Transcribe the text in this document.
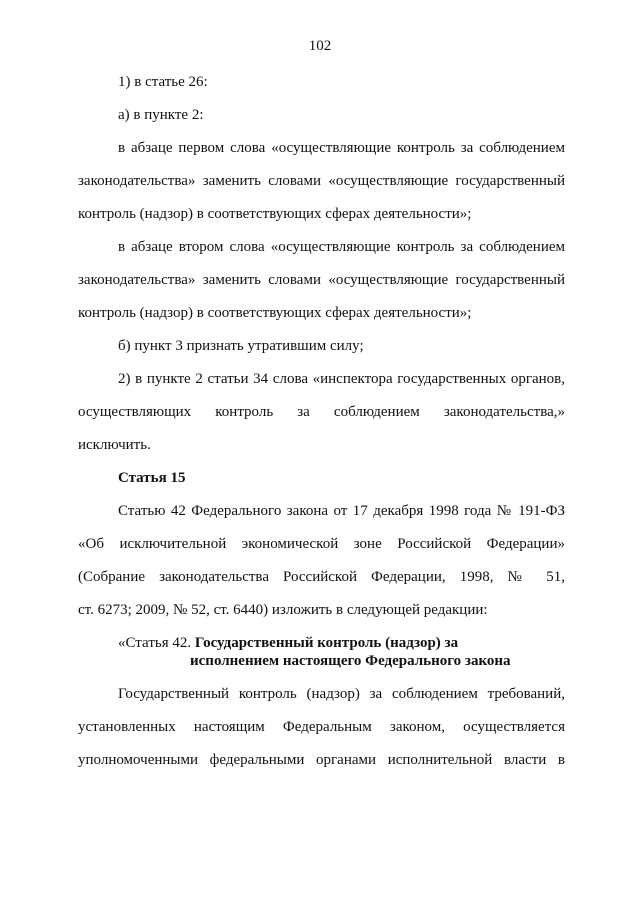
102
1) в статье 26:
а) в пункте 2:
в абзаце первом слова «осуществляющие контроль за соблюдением
законодательства» заменить словами «осуществляющие государственный
контроль (надзор) в соответствующих сферах деятельности»;
в абзаце втором слова «осуществляющие контроль за соблюдением
законодательства» заменить словами «осуществляющие государственный
контроль (надзор) в соответствующих сферах деятельности»;
б) пункт 3 признать утратившим силу;
2) в пункте 2 статьи 34 слова «инспектора государственных органов,
осуществляющих контроль за соблюдением законодательства,»
исключить.
Статья 15
Статью 42 Федерального закона от 17 декабря 1998 года № 191-ФЗ
«Об исключительной экономической зоне Российской Федерации»
(Собрание законодательства Российской Федерации, 1998, № 51,
ст. 6273; 2009, № 52, ст. 6440) изложить в следующей редакции:
«Статья 42. Государственный контроль (надзор) за
исполнением настоящего Федерального закона
Государственный контроль (надзор) за соблюдением требований,
установленных настоящим Федеральным законом, осуществляется
уполномоченными федеральными органами исполнительной власти в
